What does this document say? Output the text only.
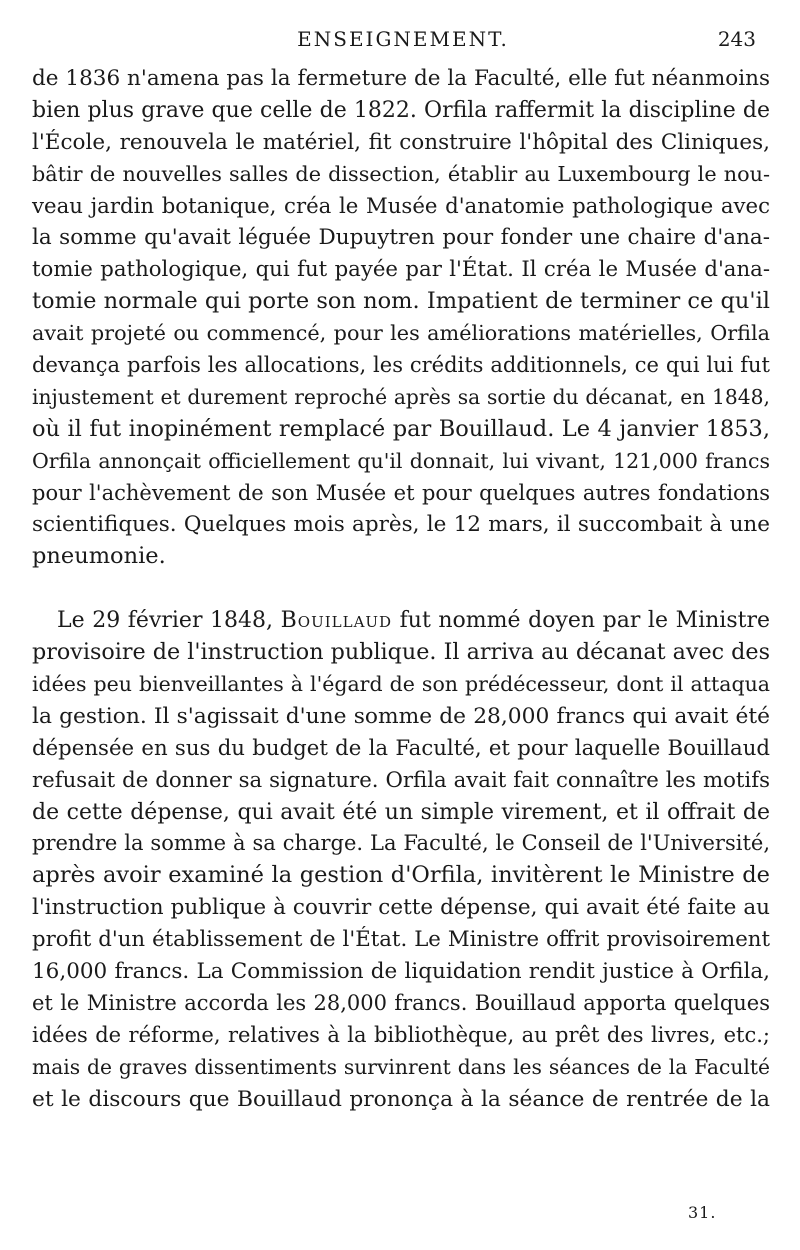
ENSEIGNEMENT.	243
de 1836 n'amena pas la fermeture de la Faculté, elle fut néanmoins
bien plus grave que celle de 1822. Orfila raffermit la discipline de
l'École, renouvela le matériel, fit construire l'hôpital des Cliniques,
bâtir de nouvelles salles de dissection, établir au Luxembourg le nou-
veau jardin botanique, créa le Musée d'anatomie pathologique avec
la somme qu'avait léguée Dupuytren pour fonder une chaire d'ana-
tomie pathologique, qui fut payée par l'État. Il créa le Musée d'ana-
tomie normale qui porte son nom. Impatient de terminer ce qu'il
avait projeté ou commencé, pour les améliorations matérielles, Orfila
devança parfois les allocations, les crédits additionnels, ce qui lui fut
injustement et durement reproché après sa sortie du décanat, en 1848,
où il fut inopinément remplacé par Bouillaud. Le 4 janvier 1853,
Orfila annonçait officiellement qu'il donnait, lui vivant, 121,000 francs
pour l'achèvement de son Musée et pour quelques autres fondations
scientifiques. Quelques mois après, le 12 mars, il succombait à une
pneumonie.
Le 29 février 1848, Bouillaud fut nommé doyen par le Ministre
provisoire de l'instruction publique. Il arriva au décanat avec des
idées peu bienveillantes à l'égard de son prédécesseur, dont il attaqua
la gestion. Il s'agissait d'une somme de 28,000 francs qui avait été
dépensée en sus du budget de la Faculté, et pour laquelle Bouillaud
refusait de donner sa signature. Orfila avait fait connaître les motifs
de cette dépense, qui avait été un simple virement, et il offrait de
prendre la somme à sa charge. La Faculté, le Conseil de l'Université,
après avoir examiné la gestion d'Orfila, invitèrent le Ministre de
l'instruction publique à couvrir cette dépense, qui avait été faite au
profit d'un établissement de l'État. Le Ministre offrit provisoirement
16,000 francs. La Commission de liquidation rendit justice à Orfila,
et le Ministre accorda les 28,000 francs. Bouillaud apporta quelques
idées de réforme, relatives à la bibliothèque, au prêt des livres, etc.;
mais de graves dissentiments survinrent dans les séances de la Faculté
et le discours que Bouillaud prononça à la séance de rentrée de la
31.
